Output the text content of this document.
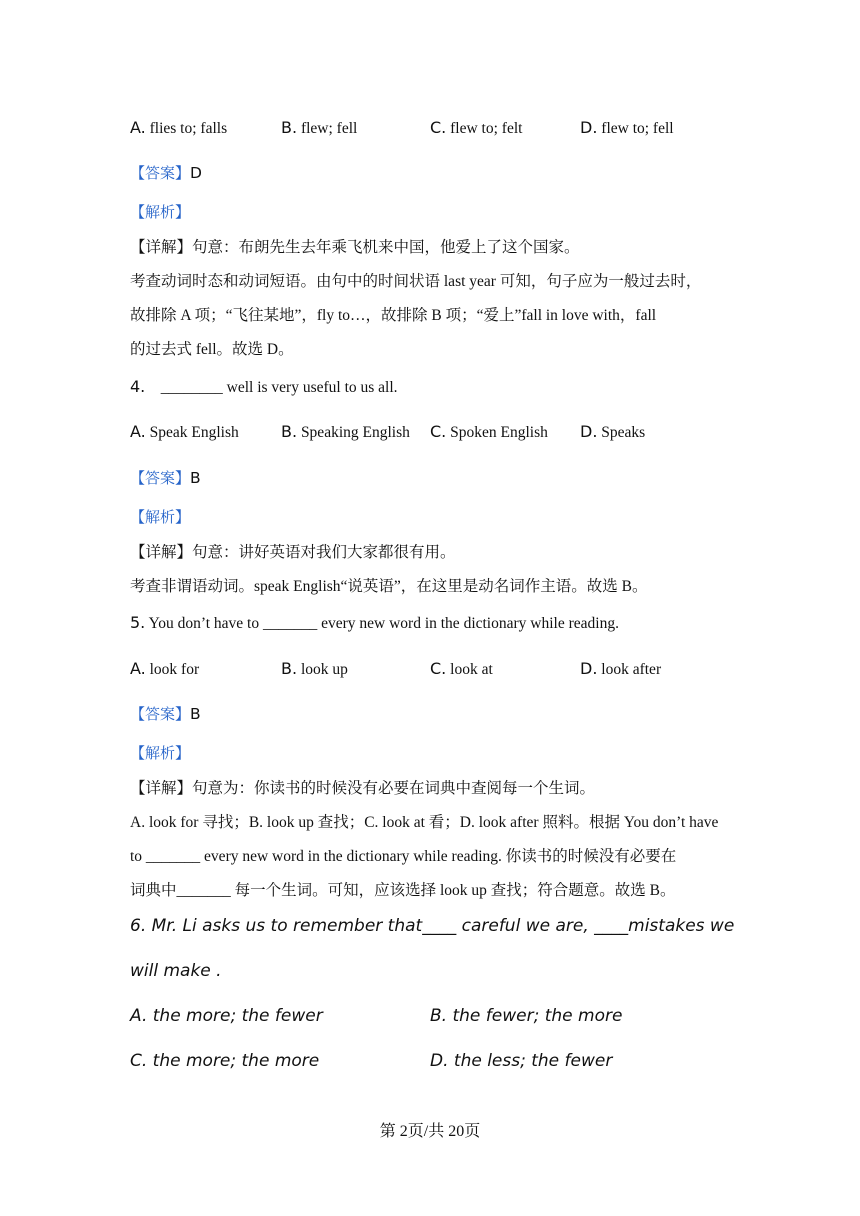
A. flies to; falls	B. flew; fell	C. flew to; felt	D. flew to; fell
【答案】D
【解析】
【详解】句意：布朗先生去年乘飞机来中国，他爱上了这个国家。
考查动词时态和动词短语。由句中的时间状语 last year 可知，句子应为一般过去时，
故排除 A 项；“飞往某地”，fly to…，故排除 B 项；“爱上”fall in love with，fall
的过去式 fell。故选 D。
4. ________ well is very useful to us all.
A. Speak English	B. Speaking English C. Spoken English D. Speaks
【答案】B
【解析】
【详解】句意：讲好英语对我们大家都很有用。
考查非谓语动词。speak English“说英语”，在这里是动名词作主语。故选 B。
5. You don’t have to _______ every new word in the dictionary while reading.
A. look for	B. look up	C. look at	D. look after
【答案】B
【解析】
【详解】句意为：你读书的时候没有必要在词典中查阅每一个生词。
A. look for 寻找；B. look up 查找；C. look at 看；D. look after 照料。根据 You don’t have
to _______ every new word in the dictionary while reading. 你读书的时候没有必要在
词典中_______ 每一个生词。可知，应该选择 look up 查找；符合题意。故选 B。
6. Mr. Li asks us to remember that____ careful we are, ____mistakes we
will make .
A. the more; the fewer	B. the fewer; the more
C. the more; the more	D. the less; the fewer
第 2页/共 20页
